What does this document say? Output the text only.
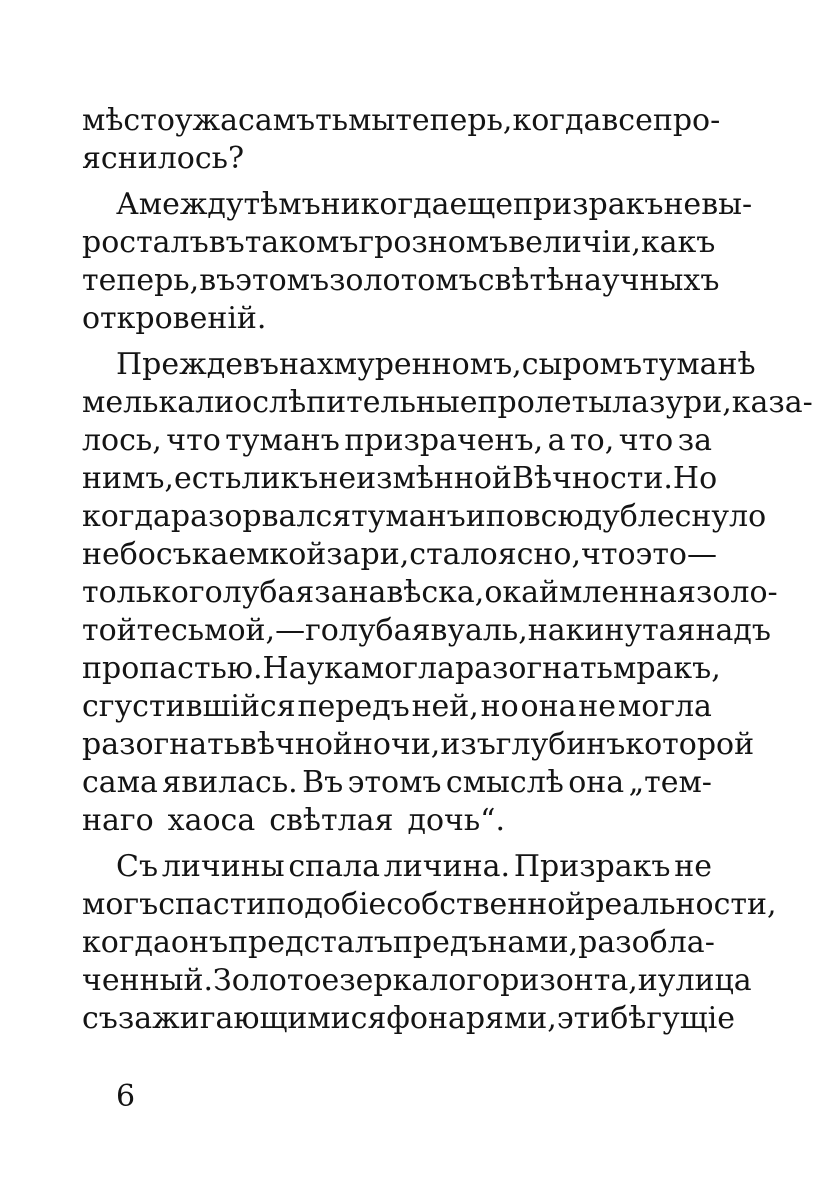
мѣсто ужасамъ тьмы теперь, когда все про-
яснилось?
А между тѣмъ никогда еще призракъ не вы-
росталъ въ такомъ грозномъ величіи, какъ
теперь, въ этомъ золотомъ свѣтѣ научныхъ
откровеній.
Прежде въ нахмуренномъ, сыромъ туманѣ
мелькали ослѣпительные пролеты лазури, каза-
лось, что туманъ призраченъ, а то, что за
нимъ, есть ликъ неизмѣнной Вѣчности. Но
когда разорвался туманъ и повсюду блеснуло
небо съ каемкой зари, стало ясно, что это—
только голубая занавѣска, окаймленная золо-
той тесьмой,—голубая вуаль, накинутая надъ
пропастью. Наука могла разогнать мракъ,
сгустившійся передъ ней, но она не могла
разогнать вѣчной ночи, изъ глубинъ которой
сама явилась. Въ этомъ смыслѣ она „тем-
наго хаоса свѣтлая дочь“.
Съ личины спала личина. Призракъ не
могъ спасти подобіе собственной реальности,
когда онъ предсталъ предъ нами, разобла-
ченный. Золотое зеркало горизонта, и улица
съ зажигающимися фонарями, эти бѣгущіе
6
